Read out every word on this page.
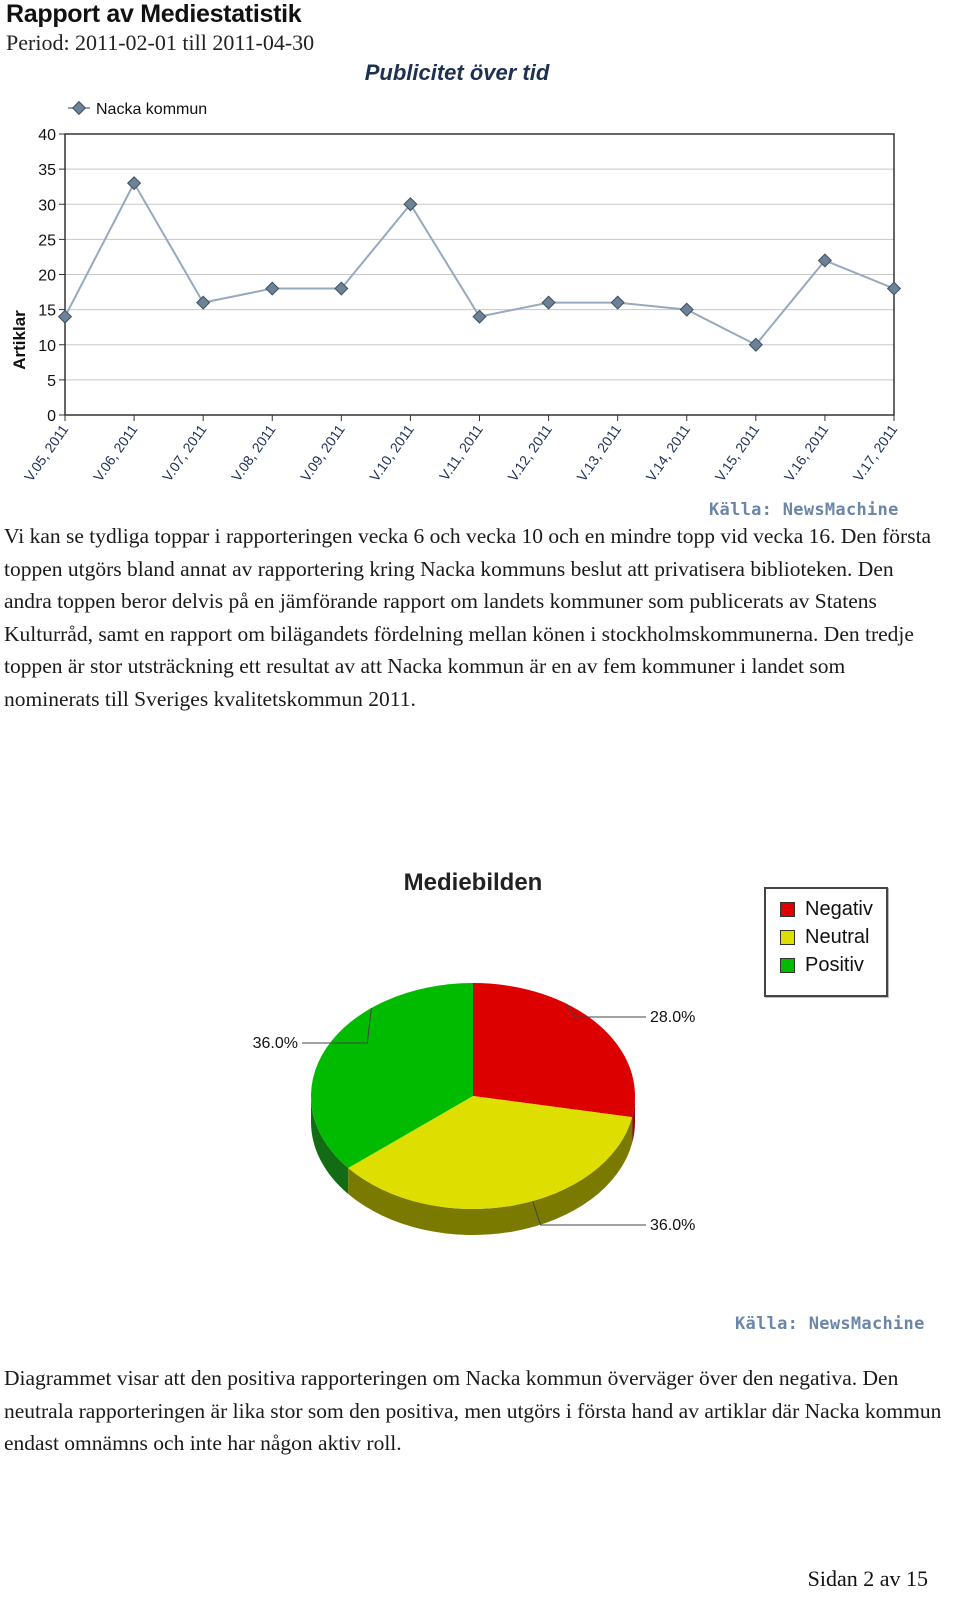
Rapport av Mediestatistik
Period: 2011-02-01 till 2011-04-30
Publicitet över tid
Nacka kommun
Artiklar
0
5
10
15
20
25
30
35
40
V.05, 2011 V.06, 2011 V.07, 2011 V.08, 2011 V.09, 2011 V.10, 2011 V.11, 2011 V.12, 2011 V.13, 2011 V.14, 2011 V.15, 2011 V.16, 2011 V.17, 2011
Källa: NewsMachine

Vi kan se tydliga toppar i rapporteringen vecka 6 och vecka 10 och en mindre topp vid vecka 16. Den första toppen utgörs bland annat av rapportering kring Nacka kommuns beslut att privatisera biblioteken. Den andra toppen beror delvis på en jämförande rapport om landets kommuner som publicerats av Statens Kulturråd, samt en rapport om bilägandets fördelning mellan könen i stockholmskommunerna. Den tredje toppen är stor utsträckning ett resultat av att Nacka kommun är en av fem kommuner i landet som nominerats till Sveriges kvalitetskommun 2011.

Mediebilden
28.0%
36.0%
36.0%
Negativ
Neutral
Positiv
Källa: NewsMachine

Diagrammet visar att den positiva rapporteringen om Nacka kommun överväger över den negativa. Den neutrala rapporteringen är lika stor som den positiva, men utgörs i första hand av artiklar där Nacka kommun endast omnämns och inte har någon aktiv roll.

Sidan 2 av 15
